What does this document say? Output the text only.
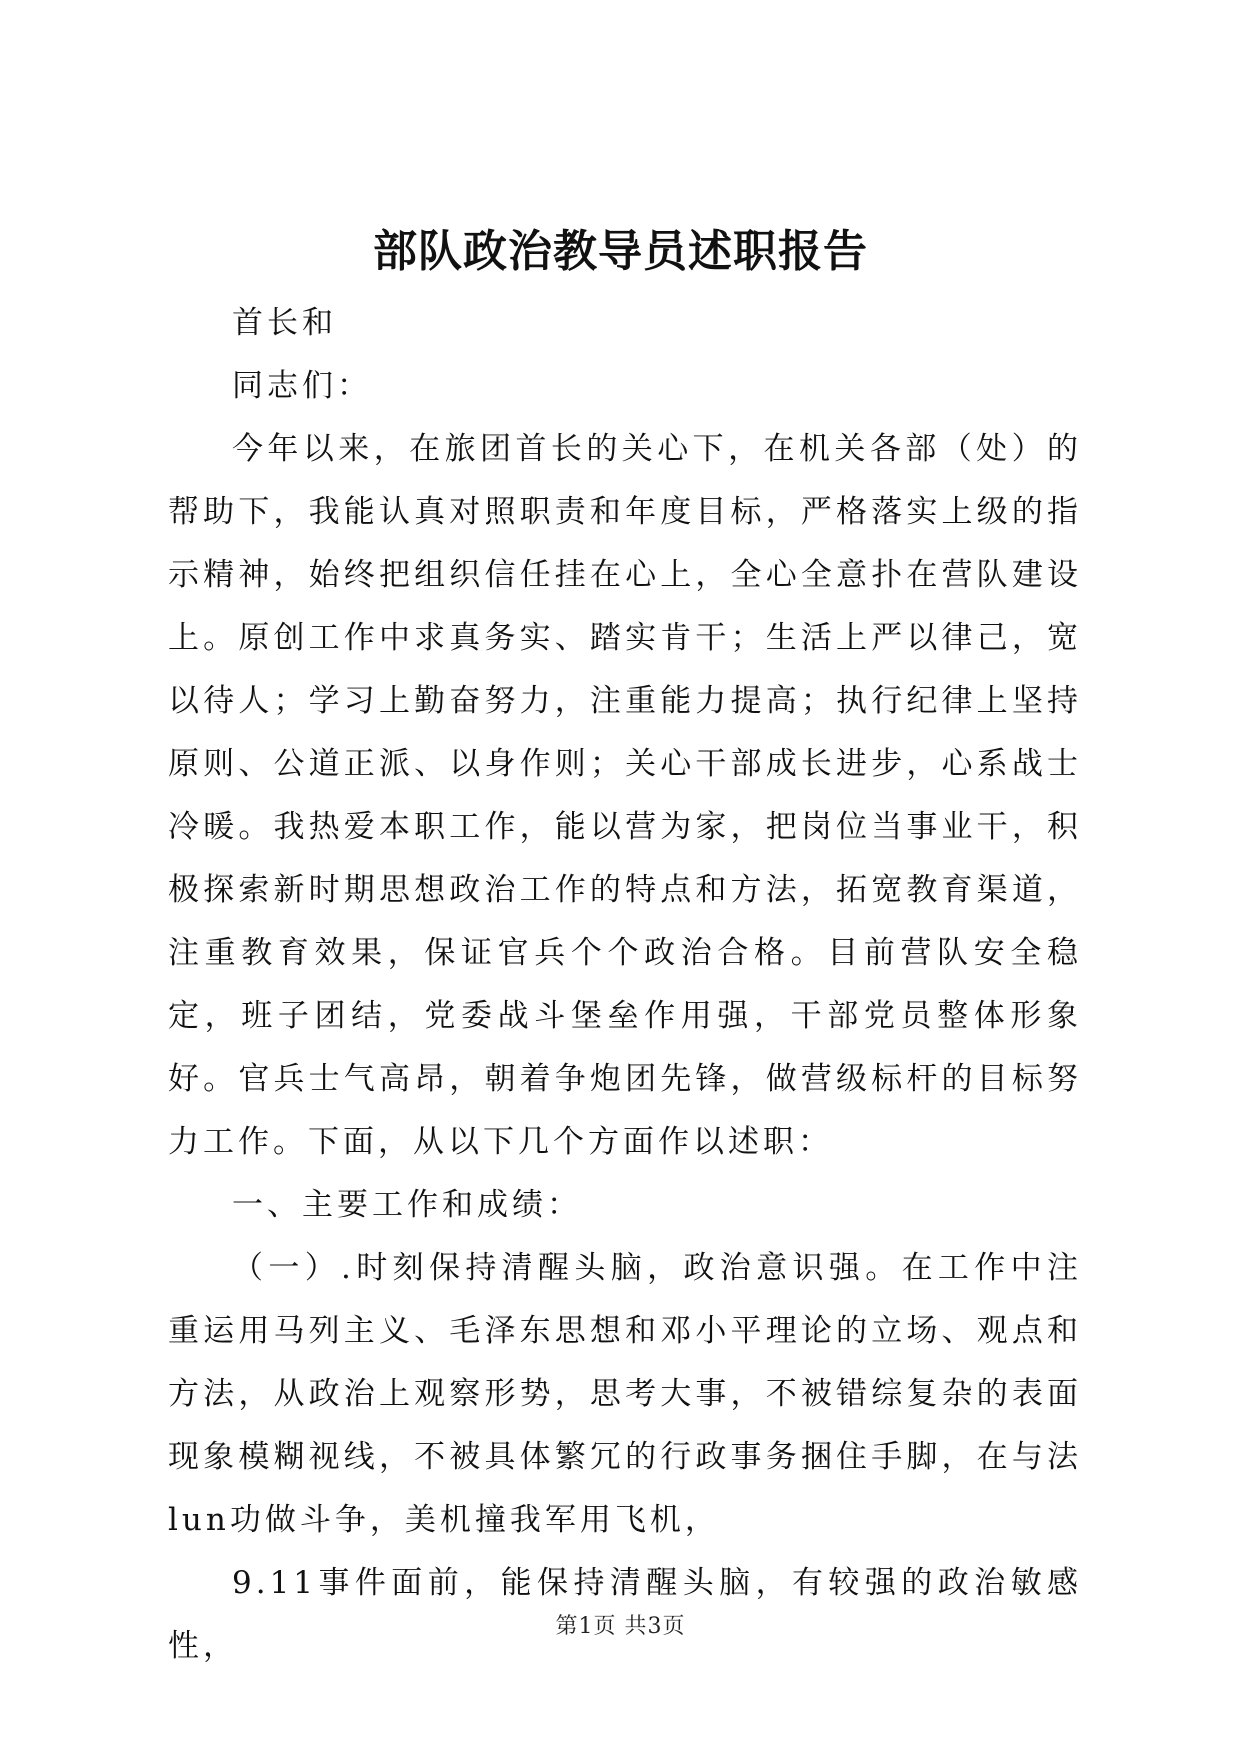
部队政治教导员述职报告

首长和

同志们：

今年以来，在旅团首长的关心下，在机关各部（处）的帮助下，我能认真对照职责和年度目标，严格落实上级的指示精神，始终把组织信任挂在心上，全心全意扑在营队建设上。原创工作中求真务实、踏实肯干；生活上严以律己，宽以待人；学习上勤奋努力，注重能力提高；执行纪律上坚持原则、公道正派、以身作则；关心干部成长进步，心系战士冷暖。我热爱本职工作，能以营为家，把岗位当事业干，积极探索新时期思想政治工作的特点和方法，拓宽教育渠道，注重教育效果，保证官兵个个政治合格。目前营队安全稳定，班子团结，党委战斗堡垒作用强，干部党员整体形象好。官兵士气高昂，朝着争炮团先锋，做营级标杆的目标努力工作。下面，从以下几个方面作以述职：

一、主要工作和成绩：

（一）.时刻保持清醒头脑，政治意识强。在工作中注重运用马列主义、毛泽东思想和邓小平理论的立场、观点和方法，从政治上观察形势，思考大事，不被错综复杂的表面现象模糊视线，不被具体繁冗的行政事务捆住手脚，在与法lun功做斗争，美机撞我军用飞机，

9.11事件面前，能保持清醒头脑，有较强的政治敏感性，

第1页 共3页
